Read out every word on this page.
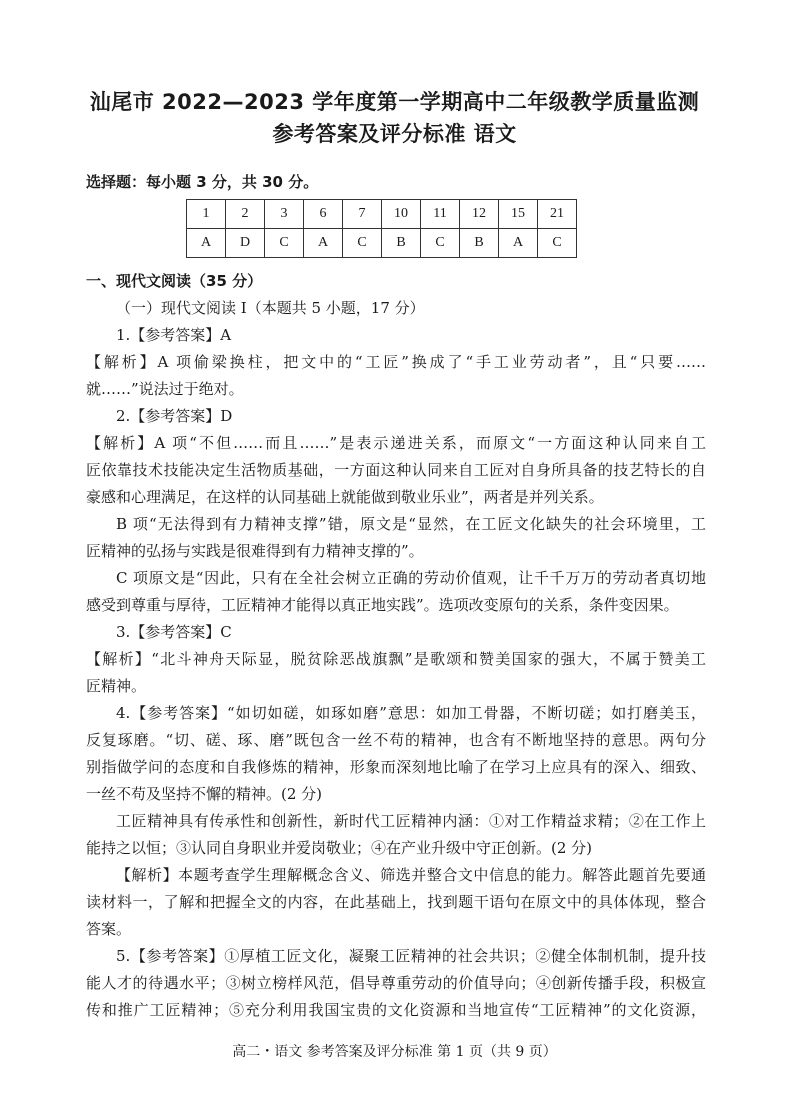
汕尾市 2022—2023 学年度第一学期高中二年级教学质量监测
参考答案及评分标准 语文
选择题：每小题 3 分，共 30 分。
1	2	3	6	7	10	11	12	15	21
A	D	C	A	C	B	C	B	A	C
一、现代文阅读（35 分）
（一）现代文阅读 I（本题共 5 小题，17 分）
1.【参考答案】A
【解析】A 项偷梁换柱，把文中的“工匠”换成了“手工业劳动者”，且“只要……
就……”说法过于绝对。
2.【参考答案】D
【解析】A 项“不但……而且……”是表示递进关系，而原文“一方面这种认同来自工
匠依靠技术技能决定生活物质基础，一方面这种认同来自工匠对自身所具备的技艺特长的自
豪感和心理满足，在这样的认同基础上就能做到敬业乐业”，两者是并列关系。
B 项“无法得到有力精神支撑”错，原文是“显然，在工匠文化缺失的社会环境里，工
匠精神的弘扬与实践是很难得到有力精神支撑的”。
C 项原文是“因此，只有在全社会树立正确的劳动价值观，让千千万万的劳动者真切地
感受到尊重与厚待，工匠精神才能得以真正地实践”。选项改变原句的关系，条件变因果。
3.【参考答案】C
【解析】“北斗神舟天际显，脱贫除恶战旗飘”是歌颂和赞美国家的强大，不属于赞美工
匠精神。
4.【参考答案】“如切如磋，如琢如磨”意思：如加工骨器，不断切磋；如打磨美玉，
反复琢磨。“切、磋、琢、磨”既包含一丝不苟的精神，也含有不断地坚持的意思。两句分
别指做学问的态度和自我修炼的精神，形象而深刻地比喻了在学习上应具有的深入、细致、
一丝不苟及坚持不懈的精神。(2 分)
工匠精神具有传承性和创新性，新时代工匠精神内涵：①对工作精益求精；②在工作上
能持之以恒；③认同自身职业并爱岗敬业；④在产业升级中守正创新。(2 分)
【解析】本题考查学生理解概念含义、筛选并整合文中信息的能力。解答此题首先要通
读材料一，了解和把握全文的内容，在此基础上，找到题干语句在原文中的具体体现，整合
答案。
5.【参考答案】①厚植工匠文化，凝聚工匠精神的社会共识；②健全体制机制，提升技
能人才的待遇水平；③树立榜样风范，倡导尊重劳动的价值导向；④创新传播手段，积极宣
传和推广工匠精神；⑤充分利用我国宝贵的文化资源和当地宣传“工匠精神”的文化资源，
高二・语文 参考答案及评分标准 第 1 页（共 9 页）
